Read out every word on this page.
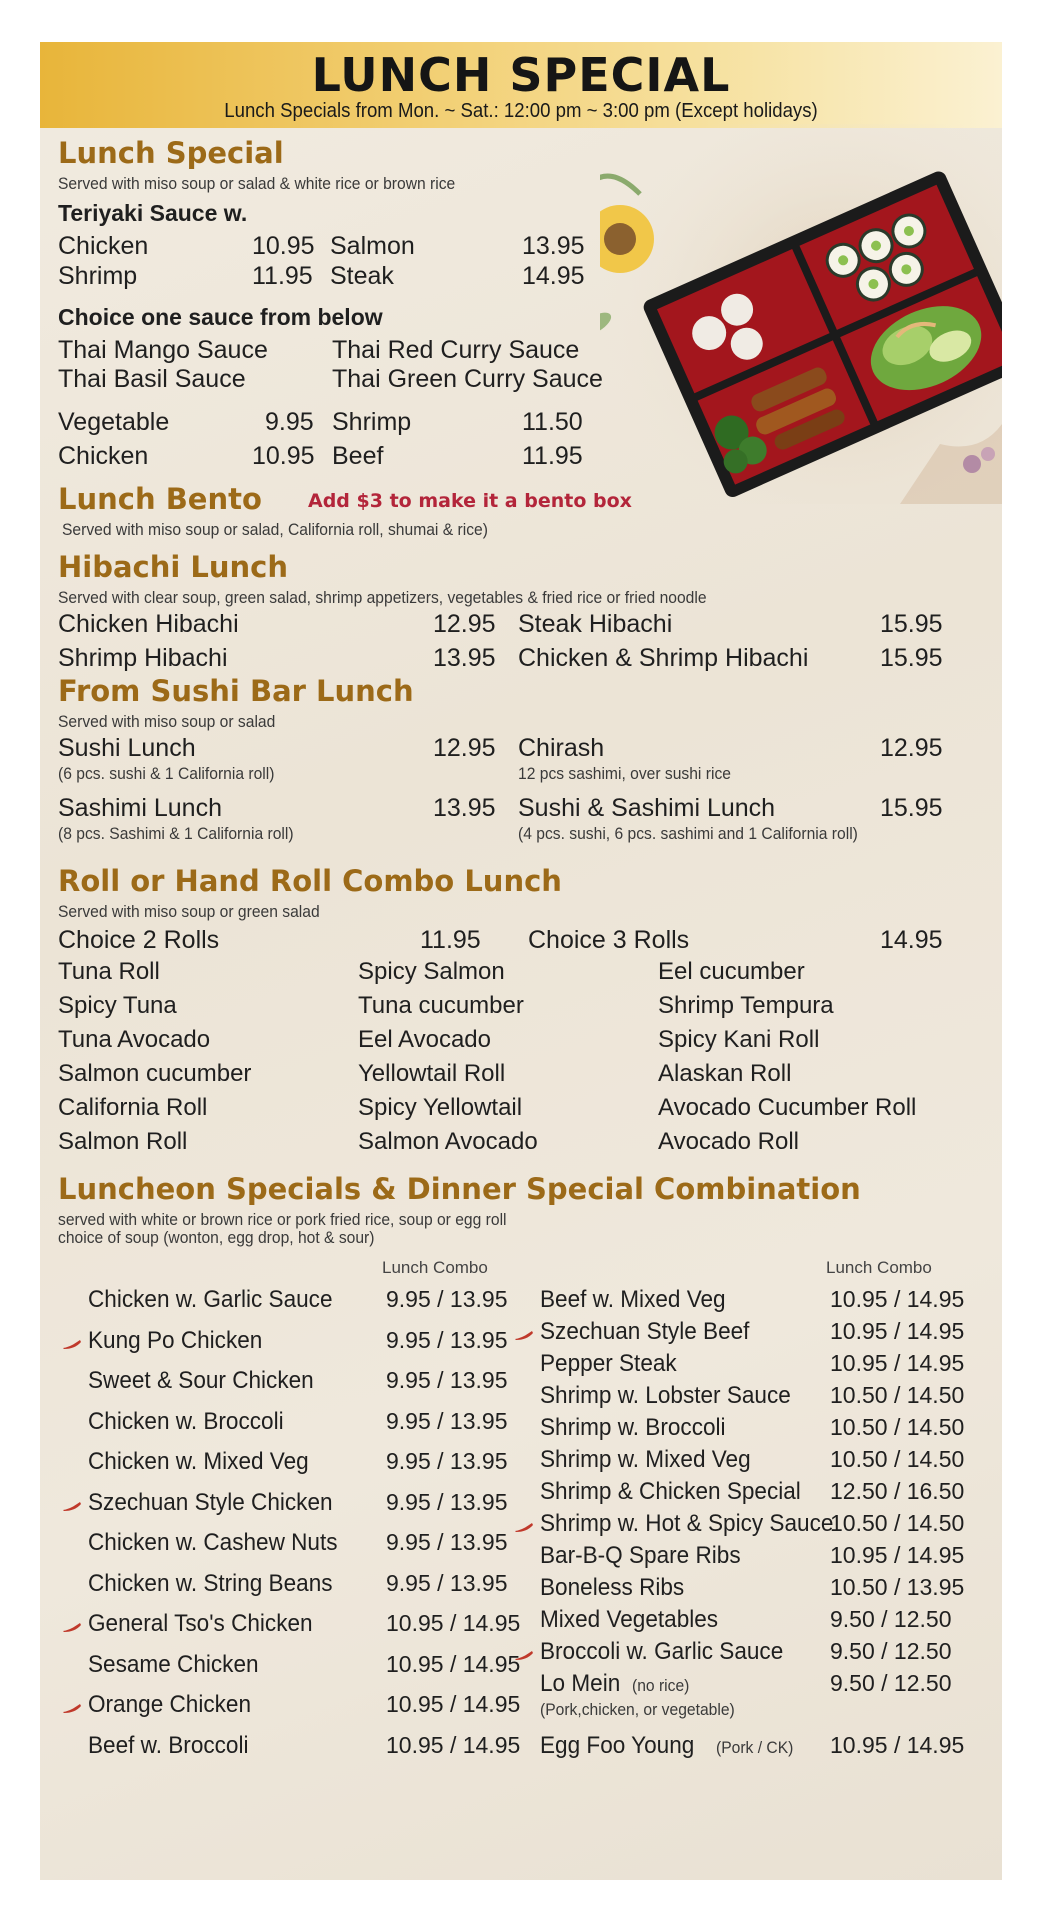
LUNCH SPECIAL
Lunch Specials from Mon. ~ Sat.: 12:00 pm ~ 3:00 pm (Except holidays)
Lunch Special
Served with miso soup or salad & white rice or brown rice
Teriyaki Sauce w.
Chicken	10.95 Salmon	13.95
Shrimp	11.95 Steak	14.95
Choice one sauce from below
Thai Mango Sauce	Thai Red Curry Sauce
Thai Basil Sauce	Thai Green Curry Sauce
Vegetable	9.95 Shrimp	11.50
Chicken	10.95 Beef	11.95
Lunch Bento Add $3 to make it a bento box
Served with miso soup or salad, California roll, shumai & rice)
Hibachi Lunch
Served with clear soup, green salad, shrimp appetizers, vegetables & fried rice or fried noodle
Chicken Hibachi	12.95 Steak Hibachi	15.95
Shrimp Hibachi	13.95 Chicken & Shrimp Hibachi	15.95
From Sushi Bar Lunch
Served with miso soup or salad
Sushi Lunch	12.95
(6 pcs. sushi & 1 California roll)
Chirash	12.95
12 pcs sashimi, over sushi rice
Sashimi Lunch	13.95
(8 pcs. Sashimi & 1 California roll)
Sushi & Sashimi Lunch	15.95
(4 pcs. sushi, 6 pcs. sashimi and 1 California roll)
Roll or Hand Roll Combo Lunch
Served with miso soup or green salad
Choice 2 Rolls	11.95 Choice 3 Rolls	14.95
Tuna Roll
Spicy Tuna
Tuna Avocado
Salmon cucumber
California Roll
Salmon Roll
Spicy Salmon
Tuna cucumber
Eel Avocado
Yellowtail Roll
Spicy Yellowtail
Salmon Avocado
Eel cucumber
Shrimp Tempura
Spicy Kani Roll
Alaskan Roll
Avocado Cucumber Roll
Avocado Roll
Luncheon Specials & Dinner Special Combination
served with white or brown rice or pork fried rice, soup or egg roll
choice of soup (wonton, egg drop, hot & sour)
Lunch Combo	Lunch Combo
Chicken w. Garlic Sauce 9.95 / 13.95
Kung Po Chicken	9.95 / 13.95
Sweet & Sour Chicken	9.95 / 13.95
Chicken w. Broccoli	9.95 / 13.95
Chicken w. Mixed Veg	9.95 / 13.95
Szechuan Style Chicken 9.95 / 13.95
Chicken w. Cashew Nuts 9.95 / 13.95
Chicken w. String Beans 9.95 / 13.95
General Tso's Chicken	10.95 / 14.95
Sesame Chicken	10.95 / 14.95
Orange Chicken	10.95 / 14.95
Beef w. Broccoli	10.95 / 14.95
Beef w. Mixed Veg	10.95 / 14.95
Szechuan Style Beef	10.95 / 14.95
Pepper Steak	10.95 / 14.95
Shrimp w. Lobster Sauce 10.50 / 14.50
Shrimp w. Broccoli	10.50 / 14.50
Shrimp w. Mixed Veg	10.50 / 14.50
Shrimp & Chicken Special 12.50 / 16.50
Shrimp w. Hot & Spicy Sauce
10.50 / 14.50
Bar-B-Q Spare Ribs	10.95 / 14.95
Boneless Ribs	10.50 / 13.95
Mixed Vegetables	9.50 / 12.50
Broccoli w. Garlic Sauce 9.50 / 12.50
Lo Mein (no rice)
(Pork,chicken, or vegetable)
9.50 / 12.50
Egg Foo Young (Pork / CK) 10.95 / 14.95
